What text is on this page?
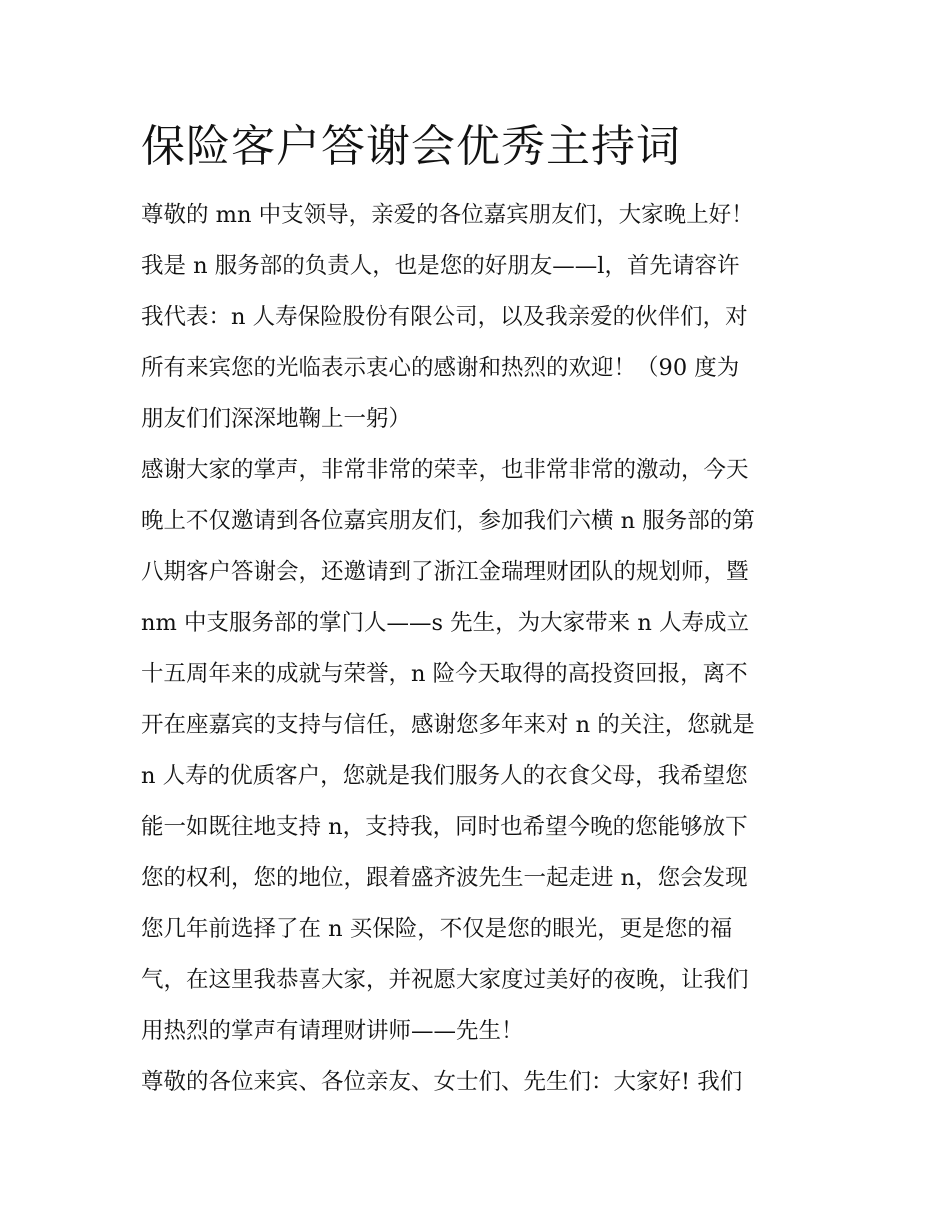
保险客户答谢会优秀主持词
尊敬的 mn 中支领导，亲爱的各位嘉宾朋友们，大家晚上好！
我是 n 服务部的负责人，也是您的好朋友——l，首先请容许
我代表：n 人寿保险股份有限公司，以及我亲爱的伙伴们，对
所有来宾您的光临表示衷心的感谢和热烈的欢迎！（90 度为
朋友们们深深地鞠上一躬）
感谢大家的掌声，非常非常的荣幸，也非常非常的激动，今天
晚上不仅邀请到各位嘉宾朋友们，参加我们六横 n 服务部的第
八期客户答谢会，还邀请到了浙江金瑞理财团队的规划师，暨
nm 中支服务部的掌门人——s 先生，为大家带来 n 人寿成立
十五周年来的成就与荣誉，n 险今天取得的高投资回报，离不
开在座嘉宾的支持与信任，感谢您多年来对 n 的关注，您就是
n 人寿的优质客户，您就是我们服务人的衣食父母，我希望您
能一如既往地支持 n，支持我，同时也希望今晚的您能够放下
您的权利，您的地位，跟着盛齐波先生一起走进 n，您会发现
您几年前选择了在 n 买保险，不仅是您的眼光，更是您的福
气，在这里我恭喜大家，并祝愿大家度过美好的夜晚，让我们
用热烈的掌声有请理财讲师——先生！
尊敬的各位来宾、各位亲友、女士们、先生们：大家好! 我们
